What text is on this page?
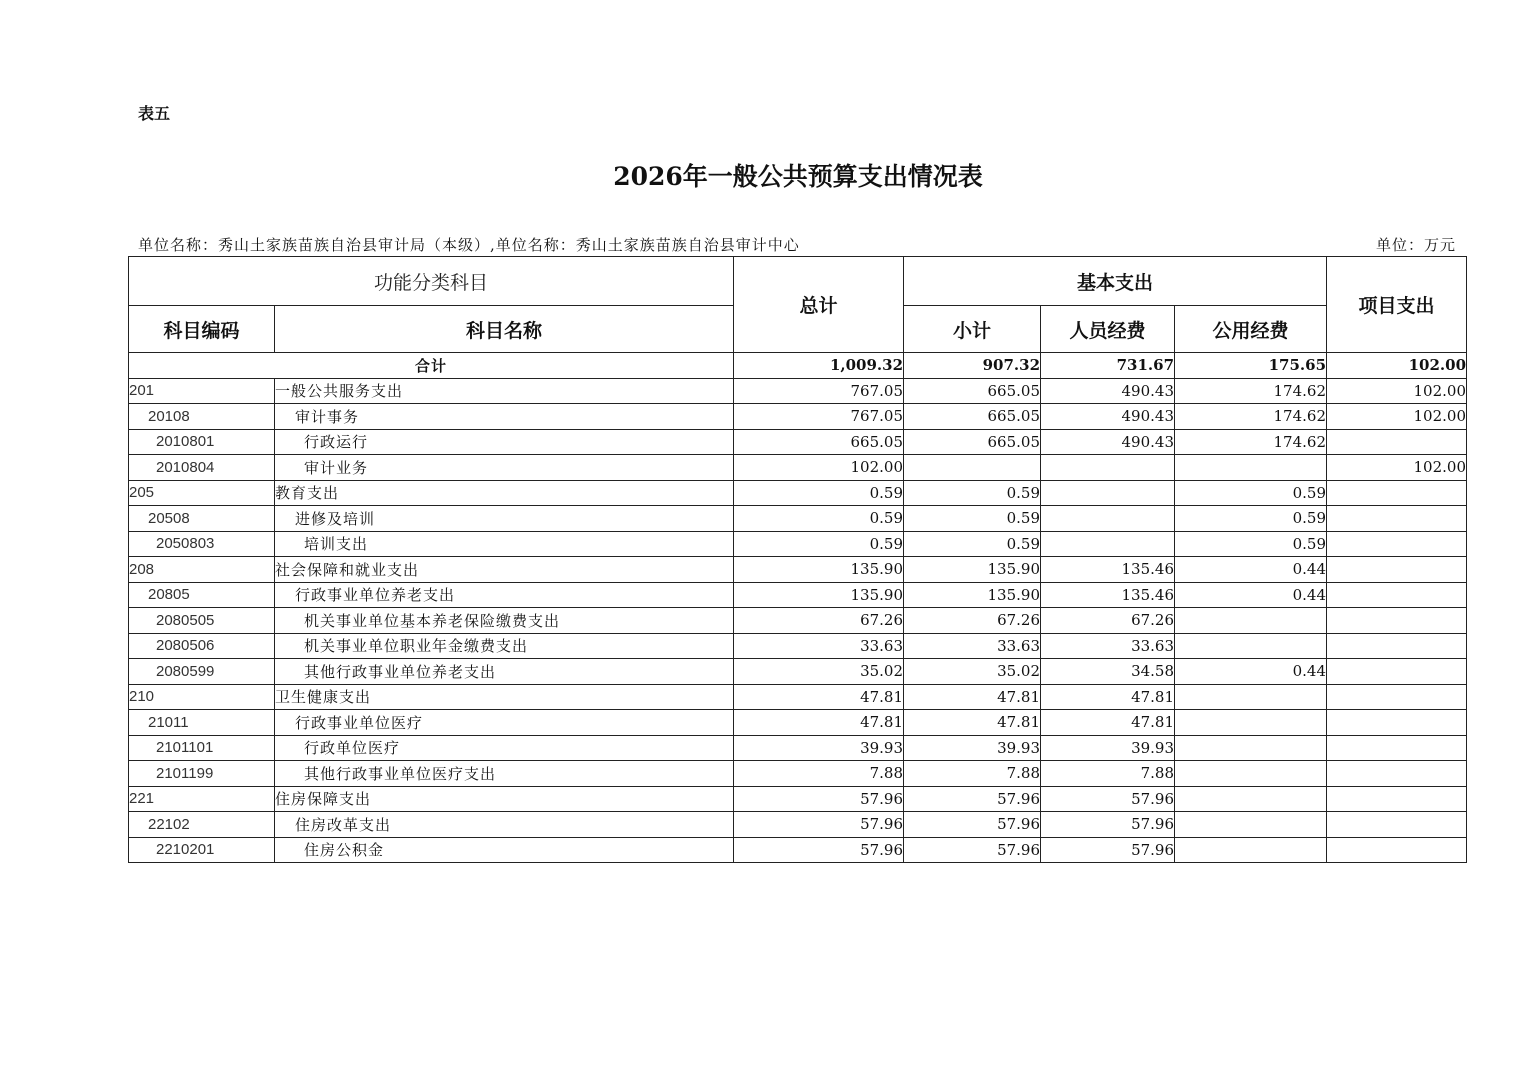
表五
2026年一般公共预算支出情况表
单位名称：秀山土家族苗族自治县审计局（本级）,单位名称：秀山土家族苗族自治县审计中心	单位：万元
功能分类科目		总计	基本支出			项目支出
科目编码	科目名称		小计	人员经费	公用经费	
合计		1,009.32	907.32	731.67	175.65	102.00
201	一般公共服务支出	767.05	665.05	490.43	174.62	102.00
20108	审计事务	767.05	665.05	490.43	174.62	102.00
2010801	行政运行	665.05	665.05	490.43	174.62	
2010804	审计业务	102.00				102.00
205	教育支出	0.59	0.59		0.59	
20508	进修及培训	0.59	0.59		0.59	
2050803	培训支出	0.59	0.59		0.59	
208	社会保障和就业支出	135.90	135.90	135.46	0.44	
20805	行政事业单位养老支出	135.90	135.90	135.46	0.44	
2080505	机关事业单位基本养老保险缴费支出	67.26	67.26	67.26		
2080506	机关事业单位职业年金缴费支出	33.63	33.63	33.63		
2080599	其他行政事业单位养老支出	35.02	35.02	34.58	0.44	
210	卫生健康支出	47.81	47.81	47.81		
21011	行政事业单位医疗	47.81	47.81	47.81		
2101101	行政单位医疗	39.93	39.93	39.93		
2101199	其他行政事业单位医疗支出	7.88	7.88	7.88		
221	住房保障支出	57.96	57.96	57.96		
22102	住房改革支出	57.96	57.96	57.96		
2210201	住房公积金	57.96	57.96	57.96		
